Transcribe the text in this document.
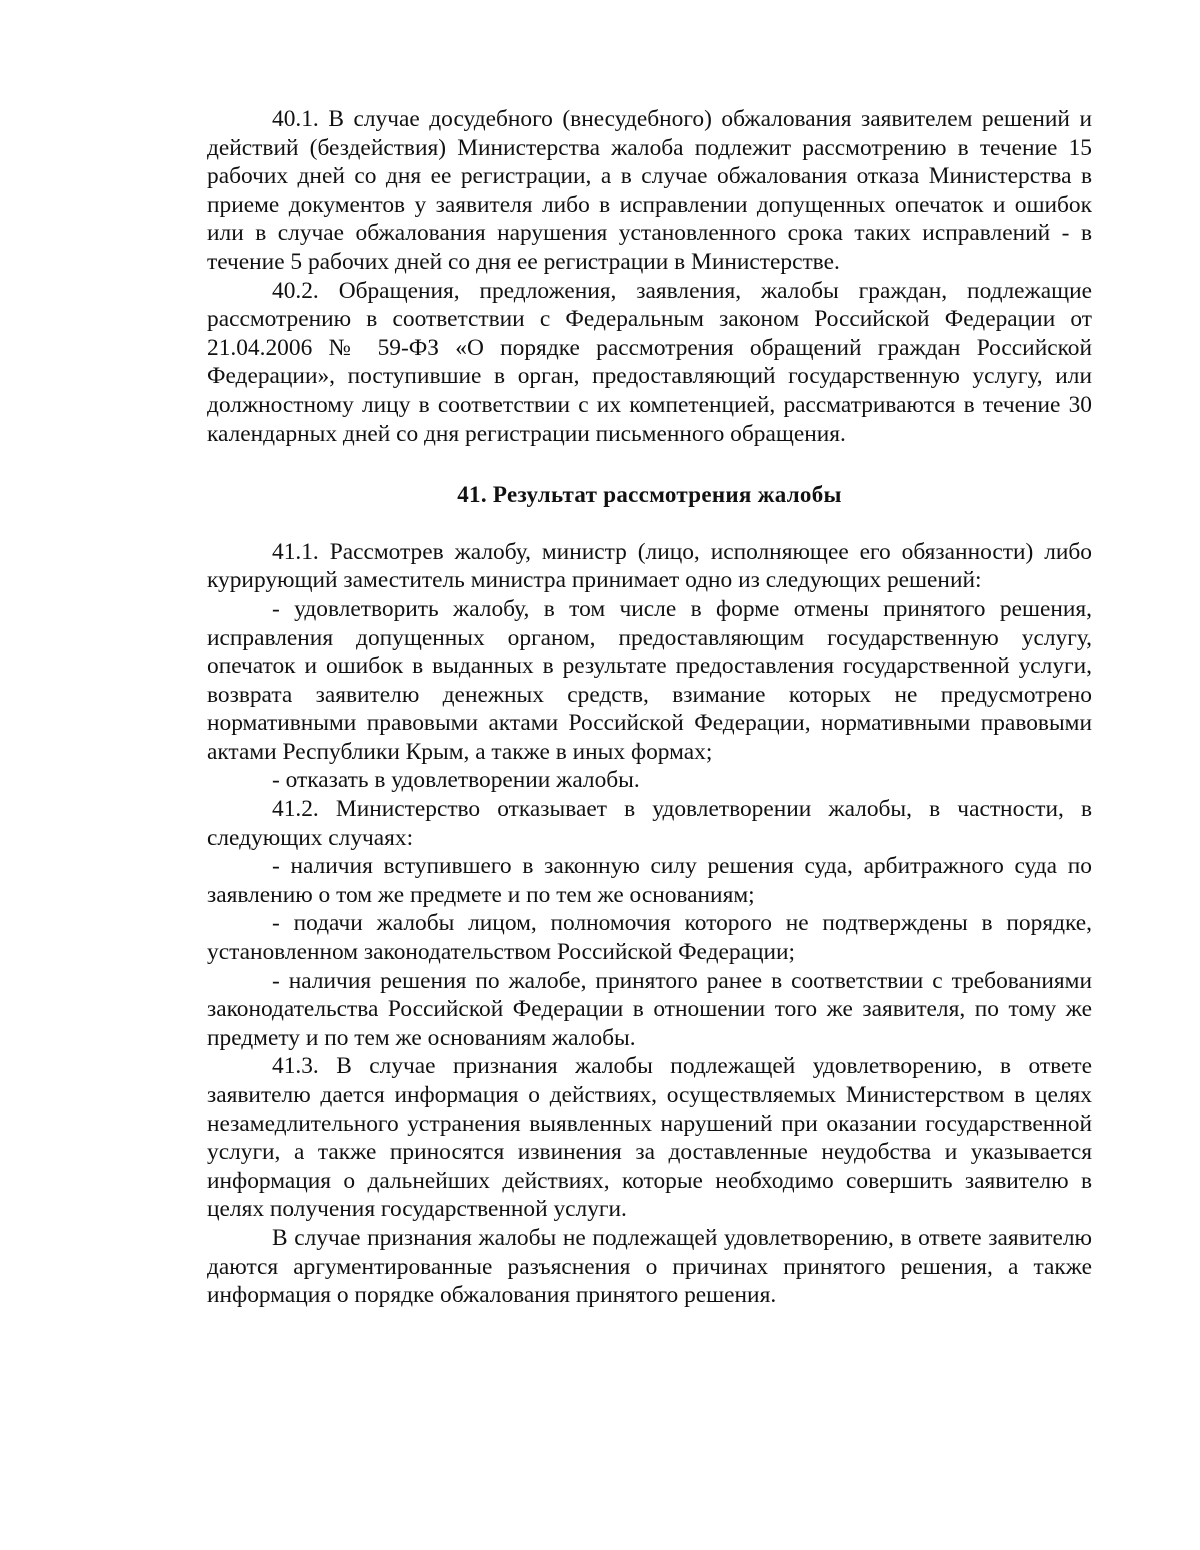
40.1. В случае досудебного (внесудебного) обжалования заявителем решений и действий (бездействия) Министерства жалоба подлежит рассмотрению в течение 15 рабочих дней со дня ее регистрации, а в случае обжалования отказа Министерства в приеме документов у заявителя либо в исправлении допущенных опечаток и ошибок или в случае обжалования нарушения установленного срока таких исправлений - в течение 5 рабочих дней со дня ее регистрации в Министерстве.

40.2. Обращения, предложения, заявления, жалобы граждан, подлежащие рассмотрению в соответствии с Федеральным законом Российской Федерации от 21.04.2006 № 59-ФЗ «О порядке рассмотрения обращений граждан Российской Федерации», поступившие в орган, предоставляющий государственную услугу, или должностному лицу в соответствии с их компетенцией, рассматриваются в течение 30 календарных дней со дня регистрации письменного обращения.

41. Результат рассмотрения жалобы

41.1. Рассмотрев жалобу, министр (лицо, исполняющее его обязанности) либо курирующий заместитель министра принимает одно из следующих решений:

- удовлетворить жалобу, в том числе в форме отмены принятого решения, исправления допущенных органом, предоставляющим государственную услугу, опечаток и ошибок в выданных в результате предоставления государственной услуги, возврата заявителю денежных средств, взимание которых не предусмотрено нормативными правовыми актами Российской Федерации, нормативными правовыми актами Республики Крым, а также в иных формах;

- отказать в удовлетворении жалобы.

41.2. Министерство отказывает в удовлетворении жалобы, в частности, в следующих случаях:

- наличия вступившего в законную силу решения суда, арбитражного суда по заявлению о том же предмете и по тем же основаниям;

- подачи жалобы лицом, полномочия которого не подтверждены в порядке, установленном законодательством Российской Федерации;

- наличия решения по жалобе, принятого ранее в соответствии с требованиями законодательства Российской Федерации в отношении того же заявителя, по тому же предмету и по тем же основаниям жалобы.

41.3. В случае признания жалобы подлежащей удовлетворению, в ответе заявителю дается информация о действиях, осуществляемых Министерством в целях незамедлительного устранения выявленных нарушений при оказании государственной услуги, а также приносятся извинения за доставленные неудобства и указывается информация о дальнейших действиях, которые необходимо совершить заявителю в целях получения государственной услуги.

В случае признания жалобы не подлежащей удовлетворению, в ответе заявителю даются аргументированные разъяснения о причинах принятого решения, а также информация о порядке обжалования принятого решения.
